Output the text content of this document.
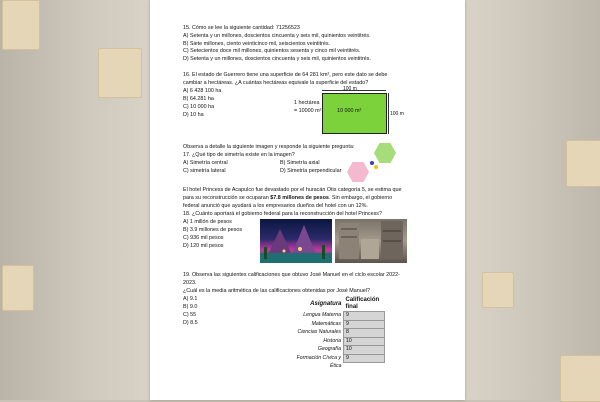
15. Cómo se lee la siguiente cantidad: 71256523
A) Setenta y un millones, doscientos cincuenta y seis mil, quinientos veintitrés.
B) Siete millones, ciento veinticinco mil, seiscientos veintitrés.
C) Setecientos doce mil millones, quinientos sesenta y cinco mil veintitrés.
D) Setenta y un millones, doscientos cincuenta y seis mil, quinientos veintitrés.
16. El estado de Guerrero tiene una superficie de 64 281 km², pero este dato se debe
cambiar a hectáreas. ¿A cuántas hectáreas equivale la superficie del estado?
A) 6 428 100 ha
B) 64.281 ha
C) 10 000 ha
D) 10 ha
1 hectárea
= 10000 m²
100 m
10 000 m²	100 m
Observa a detalle la siguiente imagen y responde la siguiente pregunta:
17. ¿Qué tipo de simetría existe en la imagen?
A) Simetría central	B) Simetría axial
C) simetría lateral	D) Simetría perpendicular
El hotel Princess de Acapulco fue devastado por el huracán Otis categoría 5, se estima que
para su reconstrucción se ocuparan $7.8 millones de pesos. Sin embargo, el gobierno
federal anunció que ayudará a los empresarios dueños del hotel con un 12%.
18. ¿Cuánto aportará el gobierno federal para la reconstrucción del hotel Princess?
A) 1 millón de pesos
B) 3.9 millones de pesos
C) 936 mil pesos
D) 120 mil pesos
19. Observa las siguientes calificaciones que obtuvo José Manuel en el ciclo escolar 2022-
2023.
¿Cuál es la media aritmética de las calificaciones obtenidas por José Manuel?
A) 9.1
B) 9.0
C) 55
D) 8.5
Asignatura	Calificación
final

Lengua Materna	9
Matemáticas	9
Ciencias Naturales	8
Historia	10
Geografía	10
Formación Cívica y	9
Ética	
